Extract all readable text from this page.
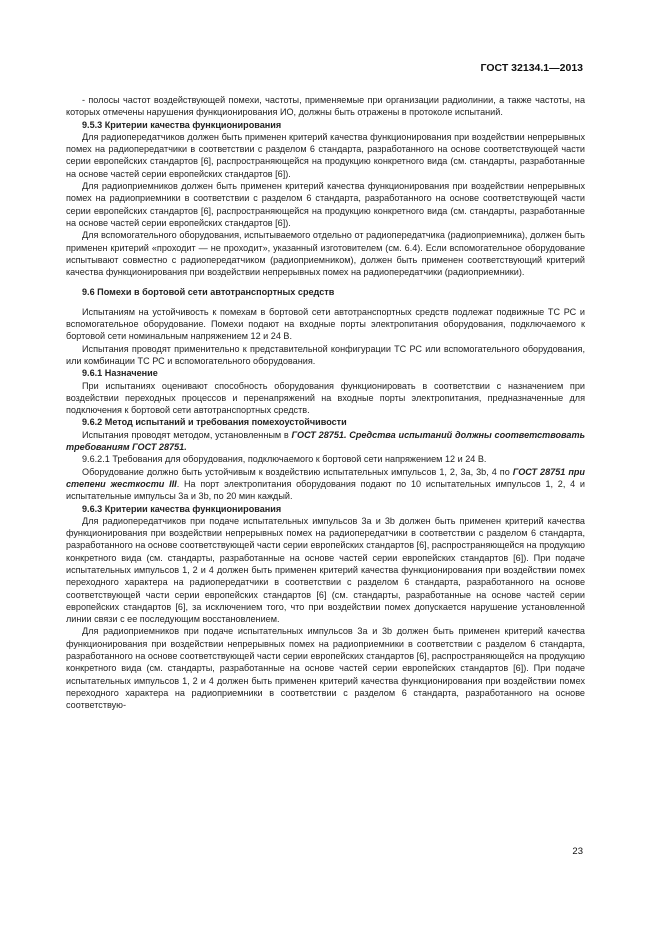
ГОСТ 32134.1—2013

- полосы частот воздействующей помехи, частоты, применяемые при организации радиолинии, а также частоты, на которых отмечены нарушения функционирования ИО, должны быть отражены в протоколе испытаний.

9.5.3 Критерии качества функционирования

Для радиопередатчиков должен быть применен критерий качества функционирования при воздействии непрерывных помех на радиопередатчики в соответствии с разделом 6 стандарта, разработанного на основе соответствующей части серии европейских стандартов [6], распространяющейся на продукцию конкретного вида (см. стандарты, разработанные на основе частей серии европейских стандартов [6]).

Для радиоприемников должен быть применен критерий качества функционирования при воздействии непрерывных помех на радиоприемники в соответствии с разделом 6 стандарта, разработанного на основе соответствующей части серии европейских стандартов [6], распространяющейся на продукцию конкретного вида (см. стандарты, разработанные на основе частей серии европейских стандартов [6]).

Для вспомогательного оборудования, испытываемого отдельно от радиопередатчика (радиоприемника), должен быть применен критерий «проходит — не проходит», указанный изготовителем (см. 6.4). Если вспомогательное оборудование испытывают совместно с радиопередатчиком (радиоприемником), должен быть применен соответствующий критерий качества функционирования при воздействии непрерывных помех на радиопередатчики (радиоприемники).

9.6 Помехи в бортовой сети автотранспортных средств

Испытаниям на устойчивость к помехам в бортовой сети автотранспортных средств подлежат подвижные ТС РС и вспомогательное оборудование. Помехи подают на входные порты электропитания оборудования, подключаемого к бортовой сети номинальным напряжением 12 и 24 В.

Испытания проводят применительно к представительной конфигурации ТС РС или вспомогательного оборудования, или комбинации ТС РС и вспомогательного оборудования.

9.6.1 Назначение

При испытаниях оценивают способность оборудования функционировать в соответствии с назначением при воздействии переходных процессов и перенапряжений на входные порты электропитания, предназначенные для подключения к бортовой сети автотранспортных средств.

9.6.2 Метод испытаний и требования помехоустойчивости

Испытания проводят методом, установленным в ГОСТ 28751. Средства испытаний должны соответствовать требованиям ГОСТ 28751.

9.6.2.1 Требования для оборудования, подключаемого к бортовой сети напряжением 12 и 24 В.

Оборудование должно быть устойчивым к воздействию испытательных импульсов 1, 2, 3а, 3b, 4 по ГОСТ 28751 при степени жесткости III. На порт электропитания оборудования подают по 10 испытательных импульсов 1, 2, 4 и испытательные импульсы 3а и 3b, по 20 мин каждый.

9.6.3 Критерии качества функционирования

Для радиопередатчиков при подаче испытательных импульсов 3а и 3b должен быть применен критерий качества функционирования при воздействии непрерывных помех на радиопередатчики в соответствии с разделом 6 стандарта, разработанного на основе соответствующей части серии европейских стандартов [6], распространяющейся на продукцию конкретного вида (см. стандарты, разработанные на основе частей серии европейских стандартов [6]). При подаче испытательных импульсов 1, 2 и 4 должен быть применен критерий качества функционирования при воздействии помех переходного характера на радиопередатчики в соответствии с разделом 6 стандарта, разработанного на основе соответствующей части серии европейских стандартов [6] (см. стандарты, разработанные на основе частей серии европейских стандартов [6], за исключением того, что при воздействии помех допускается нарушение установленной линии связи с ее последующим восстановлением.

Для радиоприемников при подаче испытательных импульсов 3а и 3b должен быть применен критерий качества функционирования при воздействии непрерывных помех на радиоприемники в соответствии с разделом 6 стандарта, разработанного на основе соответствующей части серии европейских стандартов [6], распространяющейся на продукцию конкретного вида (см. стандарты, разработанные на основе частей серии европейских стандартов [6]). При подаче испытательных импульсов 1, 2 и 4 должен быть применен критерий качества функционирования при воздействии помех переходного характера на радиоприемники в соответствии с разделом 6 стандарта, разработанного на основе соответствую-

23
